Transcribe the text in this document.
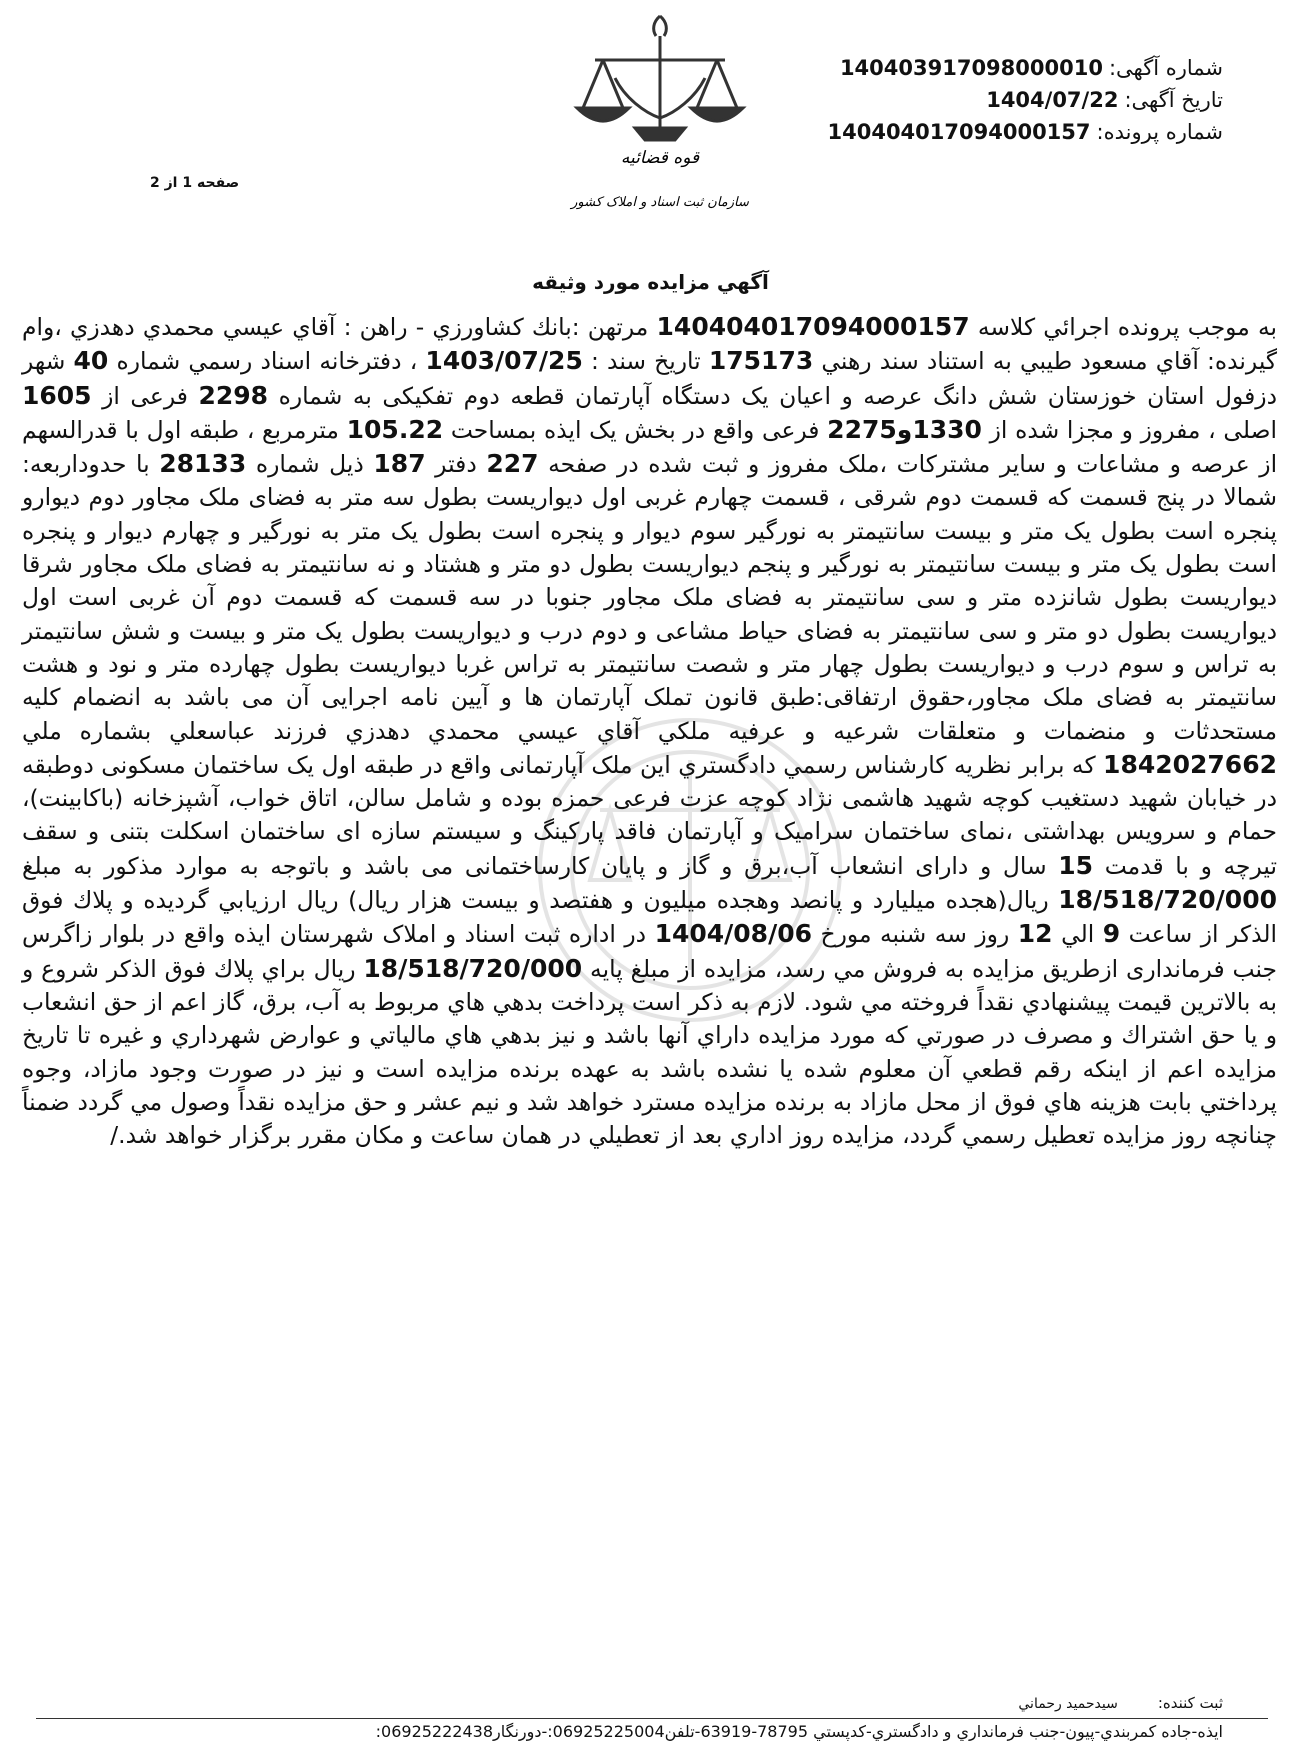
شماره آگهی:140403917098000010
تاریخ آگهی:1404/07/22
شماره پرونده:140404017094000157
قوه قضائیه
سازمان ثبت اسناد و املاک کشور
صفحه 1 از 2
آگهي مزايده مورد وثيقه
به موجب پرونده اجرائي كلاسه 140404017094000157 مرتهن :بانك كشاورزي - راهن : آقاي عيسي محمدي دهدزي ،وام گيرنده: آقاي مسعود طيبي به استناد سند رهني 175173 تاريخ سند : 1403/07/25 ، دفترخانه اسناد رسمي شماره 40 شهر دزفول استان خوزستان شش دانگ عرصه و اعيان يک دستگاه آپارتمان قطعه دوم تفکیکی به شماره 2298 فرعی از 1605 اصلی ، مفروز و مجزا شده از 1330و2275 فرعی واقع در بخش یک ایذه بمساحت 105.22 مترمربع ، طبقه اول با قدرالسهم از عرصه و مشاعات و سایر مشترکات ،ملک مفروز و ثبت شده در صفحه 227 دفتر 187 ذیل شماره 28133 با حدوداربعه: شمالا در پنج قسمت که قسمت دوم شرقی ، قسمت چهارم غربی اول دیواریست بطول سه متر به فضای ملک مجاور دوم دیوارو پنجره است بطول یک متر و بیست سانتیمتر به نورگیر سوم دیوار و پنجره است بطول یک متر به نورگیر و چهارم دیوار و پنجره است بطول یک متر و بیست سانتیمتر به نورگیر و پنجم دیواریست بطول دو متر و هشتاد و نه سانتیمتر به فضای ملک مجاور شرقا دیواریست بطول شانزده متر و سی سانتیمتر به فضای ملک مجاور جنوبا در سه قسمت که قسمت دوم آن غربی است اول دیواریست بطول دو متر و سی سانتیمتر به فضای حیاط مشاعی و دوم درب و دیواریست بطول یک متر و بیست و شش سانتیمتر به تراس و سوم درب و دیواریست بطول چهار متر و شصت سانتیمتر به تراس غربا دیواریست بطول چهارده متر و نود و هشت سانتیمتر به فضای ملک مجاور،حقوق ارتفاقی:طبق قانون تملک آپارتمان ها و آیین نامه اجرایی آن می باشد به انضمام کلیه مستحدثات و منضمات و متعلقات شرعیه و عرفیه ملكي آقاي عيسي محمدي دهدزي فرزند عباسعلي بشماره ملي 1842027662 كه برابر نظريه كارشناس رسمي دادگستري این ملک آپارتمانی واقع در طبقه اول یک ساختمان مسکونی دوطبقه در خیابان شهید دستغیب کوچه شهید هاشمی نژاد کوچه عزت فرعی حمزه بوده و شامل سالن، اتاق خواب، آشپزخانه (باکابینت)، حمام و سرویس بهداشتی ،نمای ساختمان سرامیک و آپارتمان فاقد پارکینگ و سیستم سازه ای ساختمان اسکلت بتنی و سقف تیرچه و با قدمت 15 سال و دارای انشعاب آب،برق و گاز و پایان کارساختمانی می باشد و باتوجه به موارد مذکور به مبلغ 18/518/720/000 ريال(هجده میلیارد و پانصد وهجده میلیون و هفتصد و بيست هزار ريال) ريال ارزيابي گرديده و پلاك فوق الذكر از ساعت 9 الي 12 روز سه شنبه مورخ 1404/08/06 در اداره ثبت اسناد و املاک شهرستان ایذه واقع در بلوار زاگرس جنب فرمانداری ازطريق مزايده به فروش مي رسد، مزايده از مبلغ پايه 18/518/720/000 ريال براي پلاك فوق الذكر شروع و به بالاترين قيمت پيشنهادي نقداً فروخته مي شود. لازم به ذكر است پرداخت بدهي هاي مربوط به آب، برق، گاز اعم از حق انشعاب و يا حق اشتراك و مصرف در صورتي كه مورد مزايده داراي آنها باشد و نيز بدهي هاي مالياتي و عوارض شهرداري و غيره تا تاريخ مزايده اعم از اينكه رقم قطعي آن معلوم شده يا نشده باشد به عهده برنده مزايده است و نيز در صورت وجود مازاد، وجوه پرداختي بابت هزينه هاي فوق از محل مازاد به برنده مزايده مسترد خواهد شد و نيم عشر و حق مزايده نقداً وصول مي گردد ضمناً چنانچه روز مزايده تعطيل رسمي گردد، مزايده روز اداري بعد از تعطيلي در همان ساعت و مكان مقرر برگزار خواهد شد./
ثبت كننده:سيدحميد رحماني
ايذه-جاده كمربندي-پيون-جنب فرمانداري و دادگستري-كدپستي 78795-63919-تلفن06925225004:-دورنگار06925222438:
